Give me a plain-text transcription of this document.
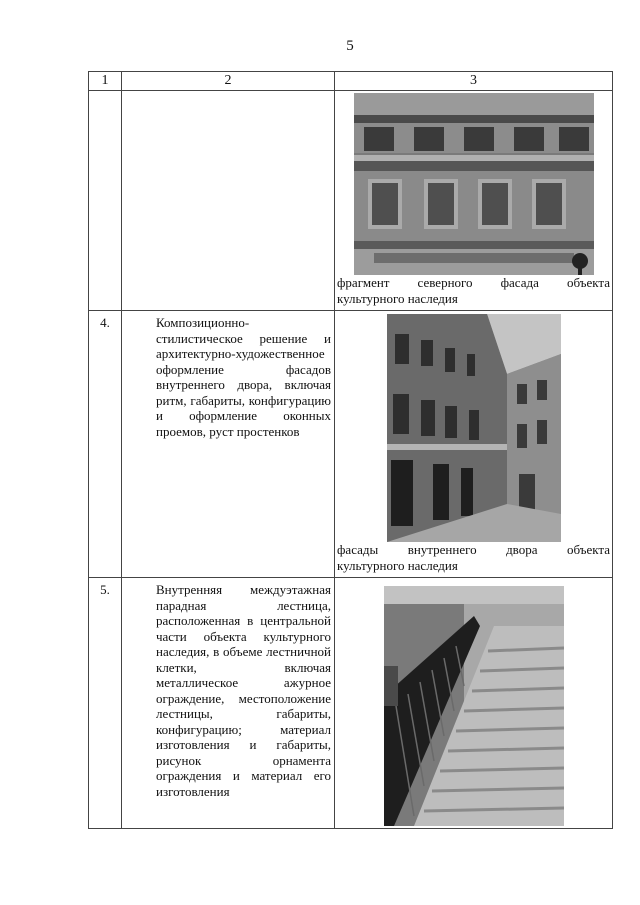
5
1	2	3

		фрагмент северного фасада объекта
культурного наследия

4.	Композиционно-стилистическое решение и архитектурно-художественное оформление фасадов внутреннего двора, включая ритм, габариты, конфигурацию и оформление оконных проемов, руст простенков	фасады внутреннего двора объекта
культурного наследия

5.	Внутренняя междуэтажная парадная лестница, расположенная в центральной части объекта культурного наследия, в объеме лестничной клетки, включая металлическое ажурное ограждение, местоположение лестницы, габариты, конфигурацию; материал изготовления и габариты, рисунок орнамента ограждения и материал его изготовления
